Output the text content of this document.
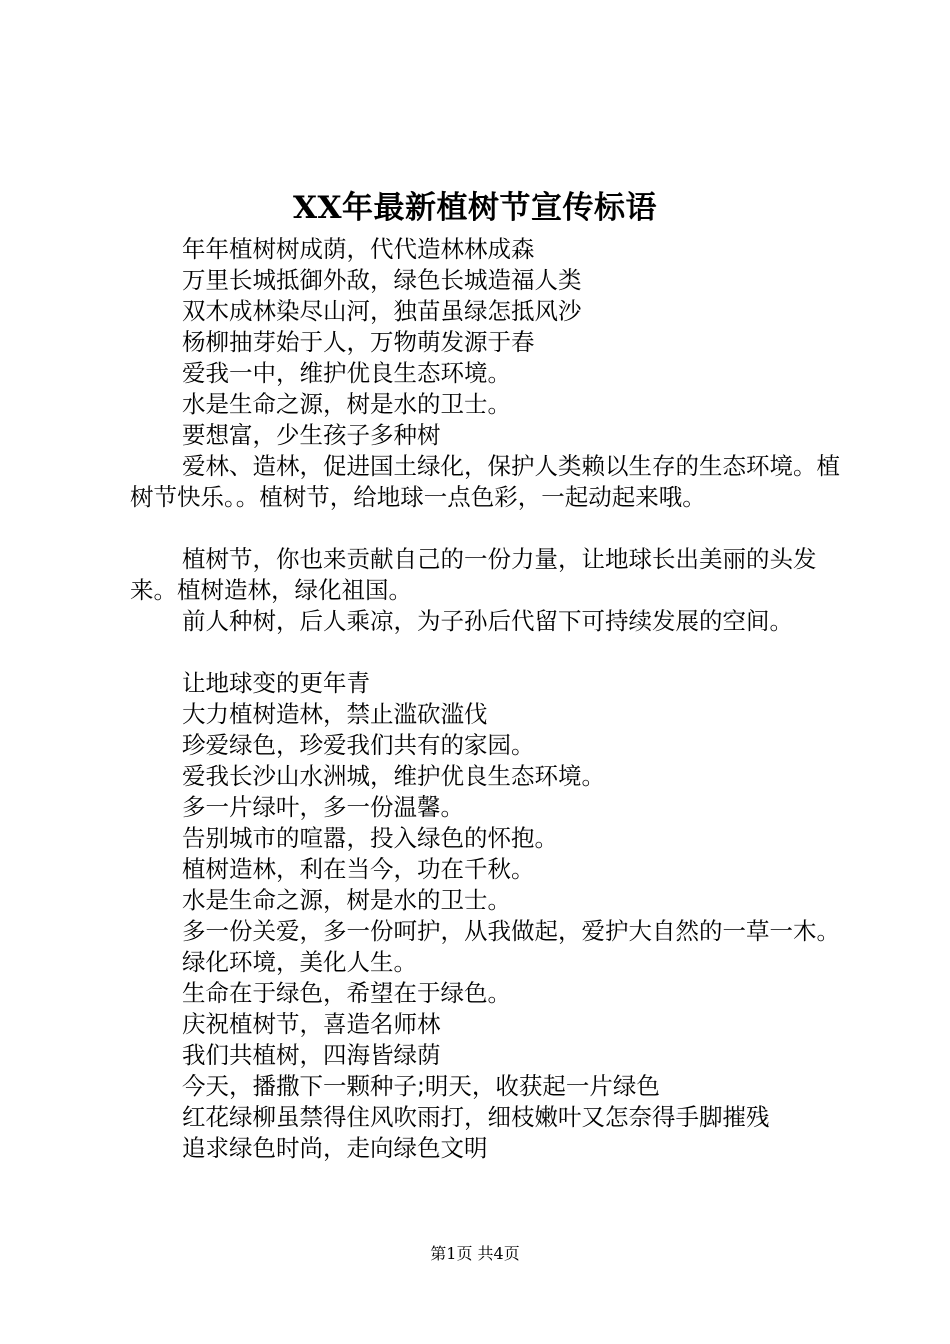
XX年最新植树节宣传标语

年年植树树成荫，代代造林林成森

万里长城抵御外敌，绿色长城造福人类

双木成林染尽山河，独苗虽绿怎抵风沙

杨柳抽芽始于人，万物萌发源于春

爱我一中，维护优良生态环境。

水是生命之源，树是水的卫士。

要想富，少生孩子多种树

爱林、造林，促进国土绿化，保护人类赖以生存的生态环境。植树节快乐。。植树节，给地球一点色彩，一起动起来哦。

植树节，你也来贡献自己的一份力量，让地球长出美丽的头发来。植树造林，绿化祖国。

前人种树，后人乘凉，为子孙后代留下可持续发展的空间。

让地球变的更年青

大力植树造林，禁止滥砍滥伐

珍爱绿色，珍爱我们共有的家园。

爱我长沙山水洲城，维护优良生态环境。

多一片绿叶，多一份温馨。

告别城市的喧嚣，投入绿色的怀抱。

植树造林，利在当今，功在千秋。

水是生命之源，树是水的卫士。

多一份关爱，多一份呵护，从我做起，爱护大自然的一草一木。

绿化环境，美化人生。

生命在于绿色，希望在于绿色。

庆祝植树节，喜造名师林

我们共植树，四海皆绿荫

今天，播撒下一颗种子;明天，收获起一片绿色

红花绿柳虽禁得住风吹雨打，细枝嫩叶又怎奈得手脚摧残

追求绿色时尚，走向绿色文明

第1页 共4页
